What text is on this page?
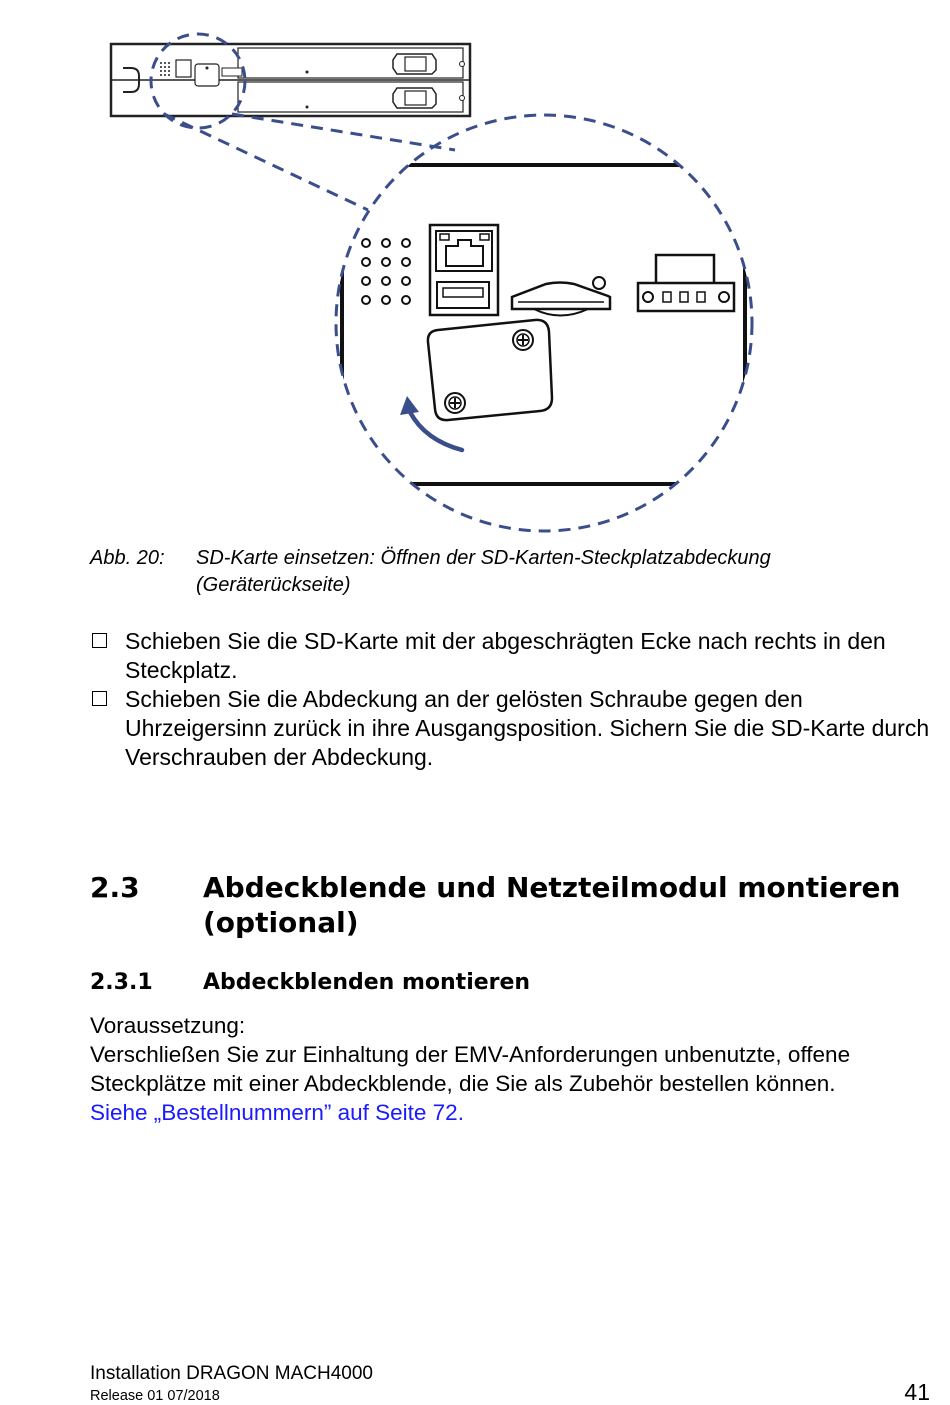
Abb. 20: SD-Karte einsetzen: Öffnen der SD-Karten-Steckplatzabdeckung (Geräterückseite)
Schieben Sie die SD-Karte mit der abgeschrägten Ecke nach rechts in den Steckplatz.
Schieben Sie die Abdeckung an der gelösten Schraube gegen den Uhrzeigersinn zurück in ihre Ausgangsposition. Sichern Sie die SD-Karte durch Verschrauben der Abdeckung.
2.3 Abdeckblende und Netzteilmodul montieren (optional)
2.3.1 Abdeckblenden montieren
Voraussetzung:
Verschließen Sie zur Einhaltung der EMV-Anforderungen unbenutzte, offene Steckplätze mit einer Abdeckblende, die Sie als Zubehör bestellen können.
Siehe „Bestellnummern” auf Seite 72.
Installation DRAGON MACH4000
Release 01 07/2018	41
